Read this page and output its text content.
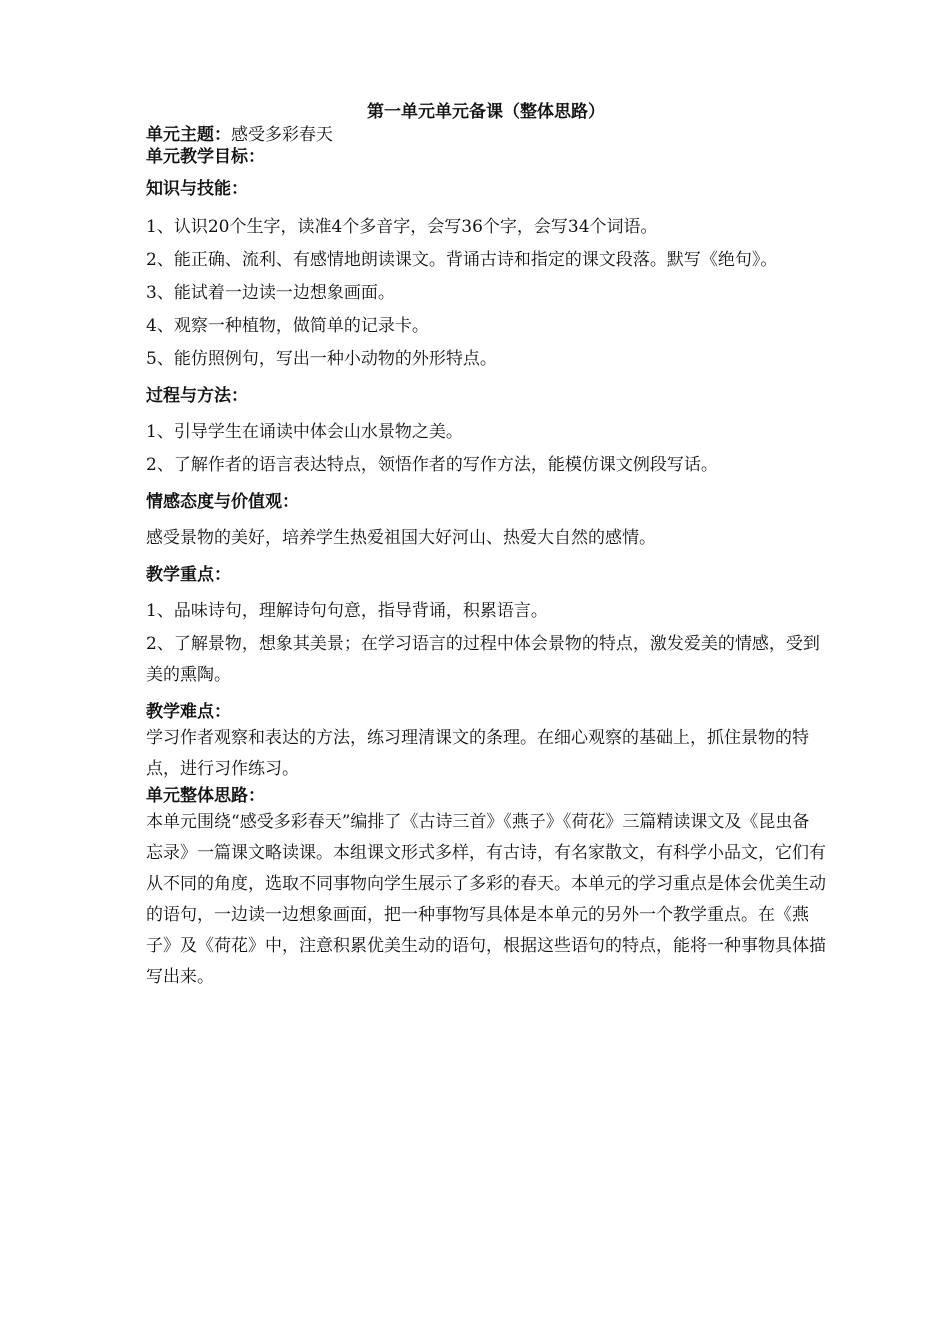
第一单元单元备课（整体思路）
单元主题：感受多彩春天
单元教学目标：
知识与技能：
1、认识20个生字，读准4个多音字，会写36个字，会写34个词语。
2、能正确、流利、有感情地朗读课文。背诵古诗和指定的课文段落。默写《绝句》。
3、能试着一边读一边想象画面。
4、观察一种植物，做简单的记录卡。
5、能仿照例句，写出一种小动物的外形特点。
过程与方法：
1、引导学生在诵读中体会山水景物之美。
2、了解作者的语言表达特点，领悟作者的写作方法，能模仿课文例段写话。
情感态度与价值观：
感受景物的美好，培养学生热爱祖国大好河山、热爱大自然的感情。
教学重点：
1、品味诗句，理解诗句句意，指导背诵，积累语言。
2、了解景物，想象其美景；在学习语言的过程中体会景物的特点，激发爱美的情感，受到美的熏陶。
教学难点：
学习作者观察和表达的方法，练习理清课文的条理。在细心观察的基础上，抓住景物的特点，进行习作练习。
单元整体思路：
本单元围绕“感受多彩春天”编排了《古诗三首》《燕子》《荷花》三篇精读课文及《昆虫备忘录》一篇课文略读课。本组课文形式多样，有古诗，有名家散文，有科学小品文，它们有从不同的角度，选取不同事物向学生展示了多彩的春天。本单元的学习重点是体会优美生动的语句，一边读一边想象画面，把一种事物写具体是本单元的另外一个教学重点。在《燕子》及《荷花》中，注意积累优美生动的语句，根据这些语句的特点，能将一种事物具体描写出来。
